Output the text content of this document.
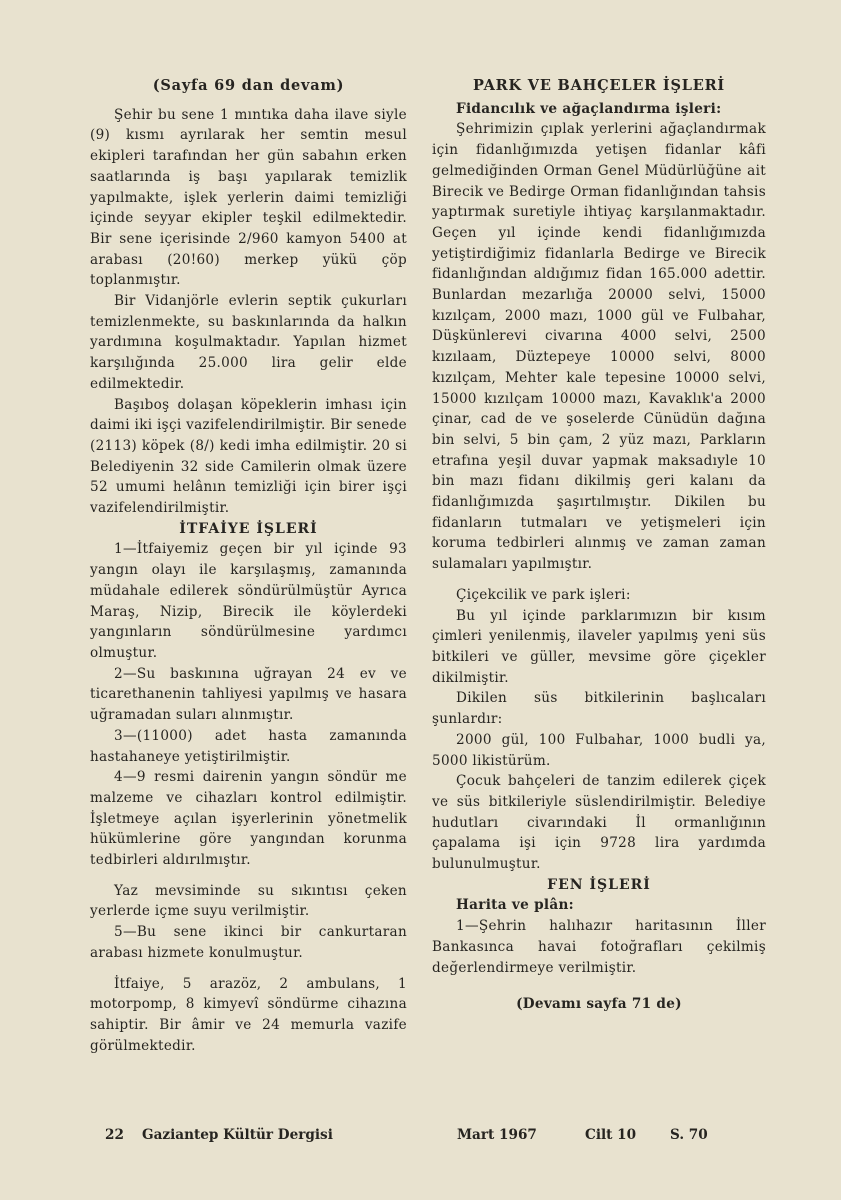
(Sayfa 69 dan devam)

Şehir bu sene 1 mıntıka daha ilave siyle (9) kısmı ayrılarak her semtin mesul ekipleri tarafından her gün sabahın erken saatlarında iş başı yapılarak temizlik yapılmakte, işlek yerlerin daimi temizliği içinde seyyar ekipler teşkil edilmektedir. Bir sene içerisinde 2/960 kamyon 5400 at arabası (20!60) merkep yükü çöp toplanmıştır.

Bir Vidanjörle evlerin septik çukurları temizlenmekte, su baskınlarında da halkın yardımına koşulmaktadır. Yapılan hizmet karşılığında 25.000 lira gelir elde edilmektedir.

Başıboş dolaşan köpeklerin imhası için daimi iki işçi vazifelendirilmiştir. Bir senede (2113) köpek (8/) kedi imha edilmiştir. 20 si Belediyenin 32 side Camilerin olmak üzere 52 umumi helânın temizliği için birer işçi vazifelendirilmiştir.

İTFAİYE İŞLERİ

1—İtfaiyemiz geçen bir yıl içinde 93 yangın olayı ile karşılaşmış, zamanında müdahale edilerek söndürülmüştür Ayrıca Maraş, Nizip, Birecik ile köylerdeki yangınların söndürülmesine yardımcı olmuştur.

2—Su baskınına uğrayan 24 ev ve ticarethanenin tahliyesi yapılmış ve hasara uğramadan suları alınmıştır.

3—(11000) adet hasta zamanında hastahaneye yetiştirilmiştir.

4—9 resmi dairenin yangın söndür me malzeme ve cihazları kontrol edilmiştir. İşletmeye açılan işyerlerinin yönetmelik hükümlerine göre yangından korunma tedbirleri aldırılmıştır.

Yaz mevsiminde su sıkıntısı çeken yerlerde içme suyu verilmiştir.

5—Bu sene ikinci bir cankurtaran arabası hizmete konulmuştur.

İtfaiye, 5 arazöz, 2 ambulans, 1 motorpomp, 8 kimyevî söndürme cihazına sahiptir. Bir âmir ve 24 memurla vazife görülmektedir.

PARK VE BAHÇELER İŞLERİ

Fidancılık ve ağaçlandırma işleri:

Şehrimizin çıplak yerlerini ağaçlandırmak için fidanlığımızda yetişen fidanlar kâfi gelmediğinden Orman Genel Müdürlüğüne ait Birecik ve Bedirge Orman fidanlığından tahsis yaptırmak suretiyle ihtiyaç karşılanmaktadır. Geçen yıl içinde kendi fidanlığımızda yetiştirdiğimiz fidanlarla Bedirge ve Birecik fidanlığından aldığımız fidan 165.000 adettir. Bunlardan mezarlığa 20000 selvi, 15000 kızılçam, 2000 mazı, 1000 gül ve Fulbahar, Düşkünlerevi civarına 4000 selvi, 2500 kızılaam, Düztepeye 10000 selvi, 8000 kızılçam, Mehter kale tepesine 10000 selvi, 15000 kızılçam 10000 mazı, Kavaklık'a 2000 çinar, cad de ve şoselerde Cünüdün dağına bin selvi, 5 bin çam, 2 yüz mazı, Parkların etrafına yeşil duvar yapmak maksadıyle 10 bin mazı fidanı dikilmiş geri kalanı da fidanlığımızda şaşırtılmıştır. Dikilen bu fidanların tutmaları ve yetişmeleri için koruma tedbirleri alınmış ve zaman zaman sulamaları yapılmıştır.

Çiçekcilik ve park işleri:

Bu yıl içinde parklarımızın bir kısım çimleri yenilenmiş, ilaveler yapılmış yeni süs bitkileri ve güller, mevsime göre çiçekler dikilmiştir.

Dikilen süs bitkilerinin başlıcaları şunlardır:

2000 gül, 100 Fulbahar, 1000 budli ya, 5000 likistürüm.

Çocuk bahçeleri de tanzim edilerek çiçek ve süs bitkileriyle süslendirilmiştir. Belediye hudutları civarındaki İl ormanlığının çapalama işi için 9728 lira yardımda bulunulmuştur.

FEN İŞLERİ

Harita ve plân:

1—Şehrin halıhazır haritasının İller Bankasınca havai fotoğrafları çekilmiş değerlendirmeye verilmiştir.

(Devamı sayfa 71 de)

22 Gaziantep Kültür Dergisi	Mart 1967	Cilt 10 S. 70
